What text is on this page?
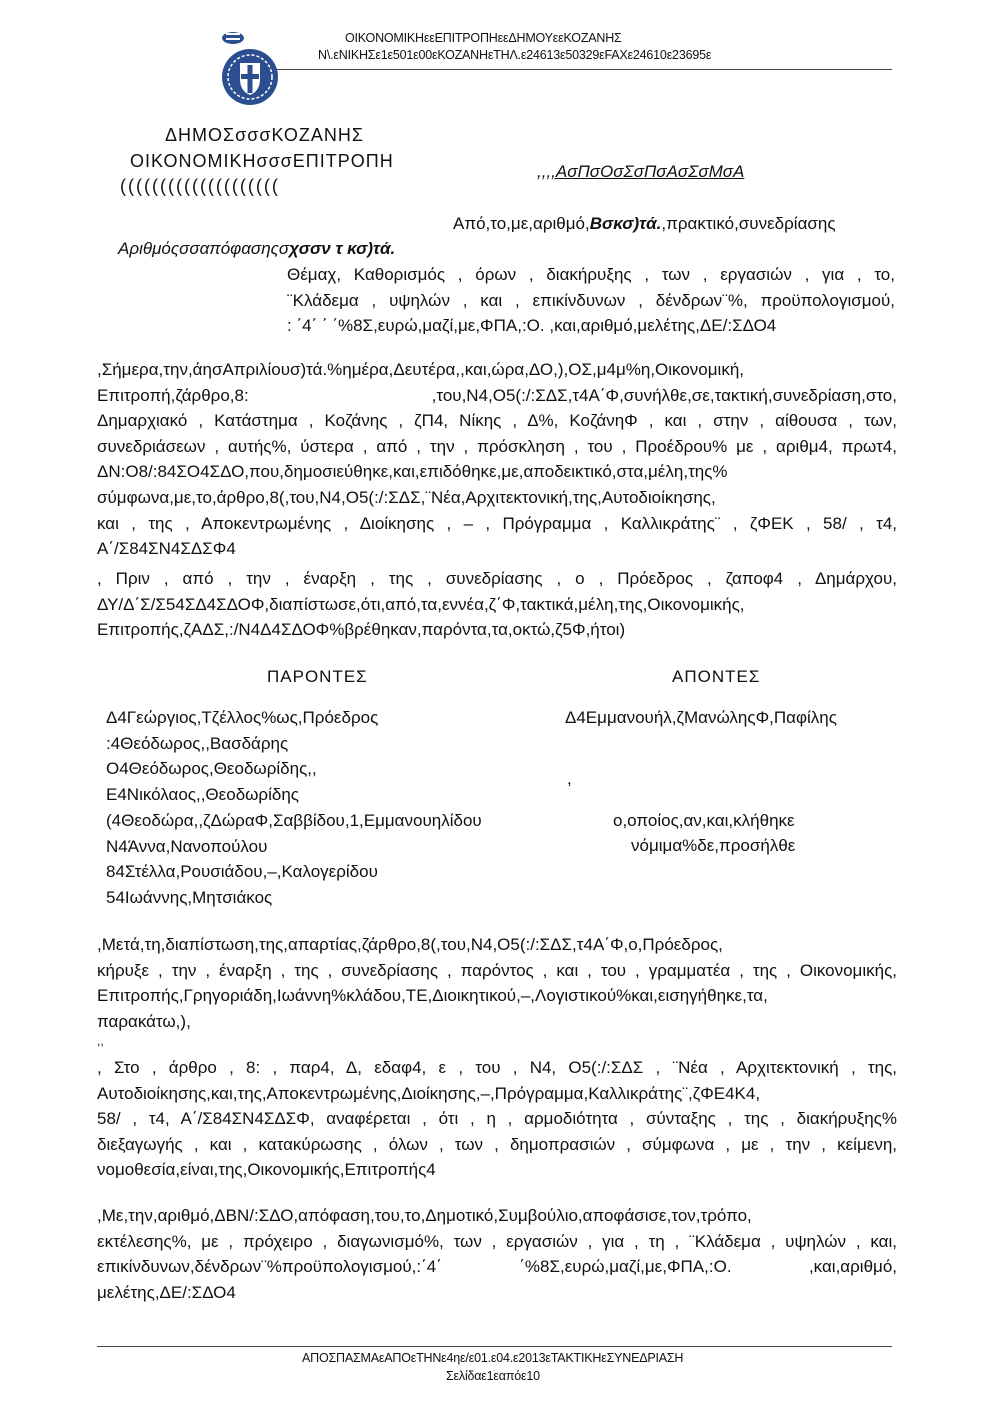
ΟΙΚΟΝΟΜΙΚΗεεΕΠΙΤΡΟΠΗεεΔΗΜΟΥεεΚΟΖΑΝΗΣ
Ν\.εΝΙΚΗΣε1ε501ε00εΚΟΖΑΝΗεΤΗΛ.ε24613ε50329εFAXε24610ε23695ε
ΔΗΜΟΣσσσΚΟΖΑΝΗΣ
ΟΙΚΟΝΟΜΙΚΗσσσΕΠΙΤΡΟΠΗ
((((((((((((((((((((
,,,,ΑσΠσΟσΣσΠσΑσΣσΜσΑ
Από,το,με,αριθμό,Βσκσ)τά.,πρακτικό,συνεδρίασης
Αριθμόςσσαπόφασηςσχσσν τ κσ)τά.
Θέμαχ, Καθορισμός , όρων , διακήρυξης , των , εργασιών , για , το,
¨Κλάδεμα , υψηλών , και , επικίνδυνων , δένδρων¨%, προϋπολογισμού,
: ΄4΄ ΄ ΄%8Σ,ευρώ,μαζί,με,ΦΠΑ,:Ο. ,και,αριθμό,μελέτης,ΔΕ/:ΣΔΟ4
,Σήμερα,την,άησΑπριλίουσ)τά.%ημέρα,Δευτέρα,,και,ώρα,ΔΟ,),ΟΣ,μ4μ%η,Οικονομική,
Επιτροπή,ζάρθρο,8: ,του,Ν4,Ο5(:/:ΣΔΣ,τ4Α΄Φ,συνήλθε,σε,τακτική,συνεδρίαση,στο,
Δημαρχιακό , Κατάστημα , Κοζάνης , ζΠ4, Νίκης , Δ%, ΚοζάνηΦ , και , στην , αίθουσα , των,
συνεδριάσεων , αυτής%, ύστερα , από , την , πρόσκληση , του , Προέδρου% με , αριθμ4, πρωτ4,
ΔΝ:Ο8/:84ΣΟ4ΣΔΟ,που,δημοσιεύθηκε,και,επιδόθηκε,με,αποδεικτικό,στα,μέλη,της%
σύμφωνα,με,το,άρθρο,8(,του,Ν4,Ο5(:/:ΣΔΣ,¨Νέα,Αρχιτεκτονική,της,Αυτοδιοίκησης,
και , της , Αποκεντρωμένης , Διοίκησης , – , Πρόγραμμα , Καλλικράτης¨ , ζΦΕΚ , 58/ , τ4,
Α΄/Σ84ΣΝ4ΣΔΣΦ4
, Πριν , από , την , έναρξη , της , συνεδρίασης , ο , Πρόεδρος , ζαποφ4 , Δημάρχου,
ΔΥ/Δ΄Σ/Σ54ΣΔ4ΣΔΟΦ,διαπίστωσε,ότι,από,τα,εννέα,ζ΄Φ,τακτικά,μέλη,της,Οικονομικής,
Επιτροπής,ζΑΔΣ,:/Ν4Δ4ΣΔΟΦ%βρέθηκαν,παρόντα,τα,οκτώ,ζ5Φ,ήτοι)
ΠΑΡΟΝΤΕΣ	ΑΠΟΝΤΕΣ
Δ4Γεώργιος,Τζέλλος%ως,Πρόεδρος
:4Θεόδωρος,,Βασδάρης
Ο4Θεόδωρος,Θεοδωρίδης,,
Ε4Νικόλαος,,Θεοδωρίδης
(4Θεοδώρα,,ζΔώραΦ,Σαββίδου,1,Εμμανουηλίδου
Ν4Άννα,Νανοπούλου
84Στέλλα,Ρουσιάδου,–,Καλογερίδου
54Ιωάννης,Μητσιάκος
Δ4Εμμανουήλ,ζΜανώληςΦ,Παφίλης
,
ο,οποίος,αν,και,κλήθηκε
νόμιμα%δε,προσήλθε
,Μετά,τη,διαπίστωση,της,απαρτίας,ζάρθρο,8(,του,Ν4,Ο5(:/:ΣΔΣ,τ4Α΄Φ,ο,Πρόεδρος,
κήρυξε , την , έναρξη , της , συνεδρίασης , παρόντος , και , του , γραμματέα , της , Οικονομικής,
Επιτροπής,Γρηγοριάδη,Ιωάννη%κλάδου,ΤΕ,Διοικητικού,–,Λογιστικού%και,εισηγήθηκε,τα,
παρακάτω,),
,,
, Στο , άρθρο , 8: , παρ4, Δ, εδαφ4, ε , του , Ν4, Ο5(:/:ΣΔΣ , ¨Νέα , Αρχιτεκτονική , της,
Αυτοδιοίκησης,και,της,Αποκεντρωμένης,Διοίκησης,–,Πρόγραμμα,Καλλικράτης¨,ζΦΕ4Κ4,
58/ , τ4, Α΄/Σ84ΣΝ4ΣΔΣΦ, αναφέρεται , ότι , η , αρμοδιότητα , σύνταξης , της , διακήρυξης%
διεξαγωγής , και , κατακύρωσης , όλων , των , δημοπρασιών , σύμφωνα , με , την , κείμενη,
νομοθεσία,είναι,της,Οικονομικής,Επιτροπής4
,Με,την,αριθμό,ΔΒΝ/:ΣΔΟ,απόφαση,του,το,Δημοτικό,Συμβούλιο,αποφάσισε,τον,τρόπο,
εκτέλεσης%, με , πρόχειρο , διαγωνισμό%, των , εργασιών , για , τη , ¨Κλάδεμα , υψηλών , και,
επικίνδυνων,δένδρων¨%προϋπολογισμού,:΄4΄ ΄%8Σ,ευρώ,μαζί,με,ΦΠΑ,:Ο. ,και,αριθμό,
μελέτης,ΔΕ/:ΣΔΟ4
ΑΠΟΣΠΑΣΜΑεΑΠΟεΤΗΝε4ηε/ε01.ε04.ε2013εΤΑΚΤΙΚΗεΣΥΝΕΔΡΙΑΣΗ
Σελίδαε1εαπόε10
